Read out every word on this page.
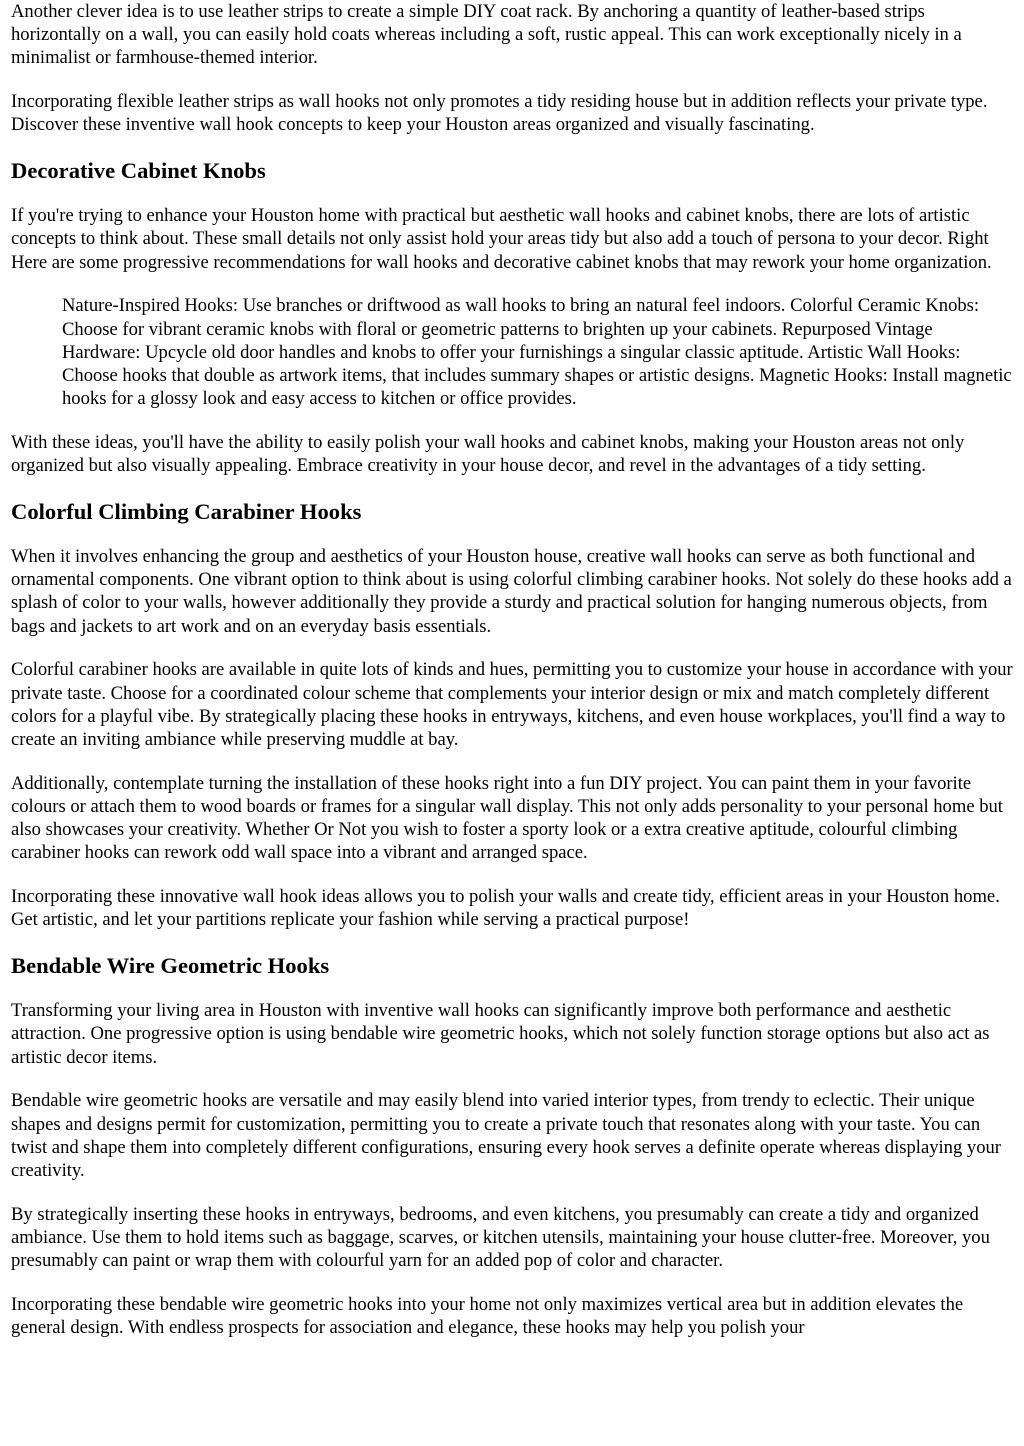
Another clever idea is to use leather strips to create a simple DIY coat rack. By anchoring a quantity of leather-based strips horizontally on a wall, you can easily hold coats whereas including a soft, rustic appeal. This can work exceptionally nicely in a minimalist or farmhouse-themed interior.

Incorporating flexible leather strips as wall hooks not only promotes a tidy residing house but in addition reflects your private type. Discover these inventive wall hook concepts to keep your Houston areas organized and visually fascinating.

Decorative Cabinet Knobs

If you're trying to enhance your Houston home with practical but aesthetic wall hooks and cabinet knobs, there are lots of artistic concepts to think about. These small details not only assist hold your areas tidy but also add a touch of persona to your decor. Right Here are some progressive recommendations for wall hooks and decorative cabinet knobs that may rework your home organization.

Nature-Inspired Hooks: Use branches or driftwood as wall hooks to bring an natural feel indoors. Colorful Ceramic Knobs: Choose for vibrant ceramic knobs with floral or geometric patterns to brighten up your cabinets. Repurposed Vintage Hardware: Upcycle old door handles and knobs to offer your furnishings a singular classic aptitude. Artistic Wall Hooks: Choose hooks that double as artwork items, that includes summary shapes or artistic designs. Magnetic Hooks: Install magnetic hooks for a glossy look and easy access to kitchen or office provides.

With these ideas, you'll have the ability to easily polish your wall hooks and cabinet knobs, making your Houston areas not only organized but also visually appealing. Embrace creativity in your house decor, and revel in the advantages of a tidy setting.

Colorful Climbing Carabiner Hooks

When it involves enhancing the group and aesthetics of your Houston house, creative wall hooks can serve as both functional and ornamental components. One vibrant option to think about is using colorful climbing carabiner hooks. Not solely do these hooks add a splash of color to your walls, however additionally they provide a sturdy and practical solution for hanging numerous objects, from bags and jackets to art work and on an everyday basis essentials.

Colorful carabiner hooks are available in quite lots of kinds and hues, permitting you to customize your house in accordance with your private taste. Choose for a coordinated colour scheme that complements your interior design or mix and match completely different colors for a playful vibe. By strategically placing these hooks in entryways, kitchens, and even house workplaces, you'll find a way to create an inviting ambiance while preserving muddle at bay.

Additionally, contemplate turning the installation of these hooks right into a fun DIY project. You can paint them in your favorite colours or attach them to wood boards or frames for a singular wall display. This not only adds personality to your personal home but also showcases your creativity. Whether Or Not you wish to foster a sporty look or a extra creative aptitude, colourful climbing carabiner hooks can rework odd wall space into a vibrant and arranged space.

Incorporating these innovative wall hook ideas allows you to polish your walls and create tidy, efficient areas in your Houston home. Get artistic, and let your partitions replicate your fashion while serving a practical purpose!

Bendable Wire Geometric Hooks

Transforming your living area in Houston with inventive wall hooks can significantly improve both performance and aesthetic attraction. One progressive option is using bendable wire geometric hooks, which not solely function storage options but also act as artistic decor items.

Bendable wire geometric hooks are versatile and may easily blend into varied interior types, from trendy to eclectic. Their unique shapes and designs permit for customization, permitting you to create a private touch that resonates along with your taste. You can twist and shape them into completely different configurations, ensuring every hook serves a definite operate whereas displaying your creativity.

By strategically inserting these hooks in entryways, bedrooms, and even kitchens, you presumably can create a tidy and organized ambiance. Use them to hold items such as baggage, scarves, or kitchen utensils, maintaining your house clutter-free. Moreover, you presumably can paint or wrap them with colourful yarn for an added pop of color and character.

Incorporating these bendable wire geometric hooks into your home not only maximizes vertical area but in addition elevates the general design. With endless prospects for association and elegance, these hooks may help you polish your
